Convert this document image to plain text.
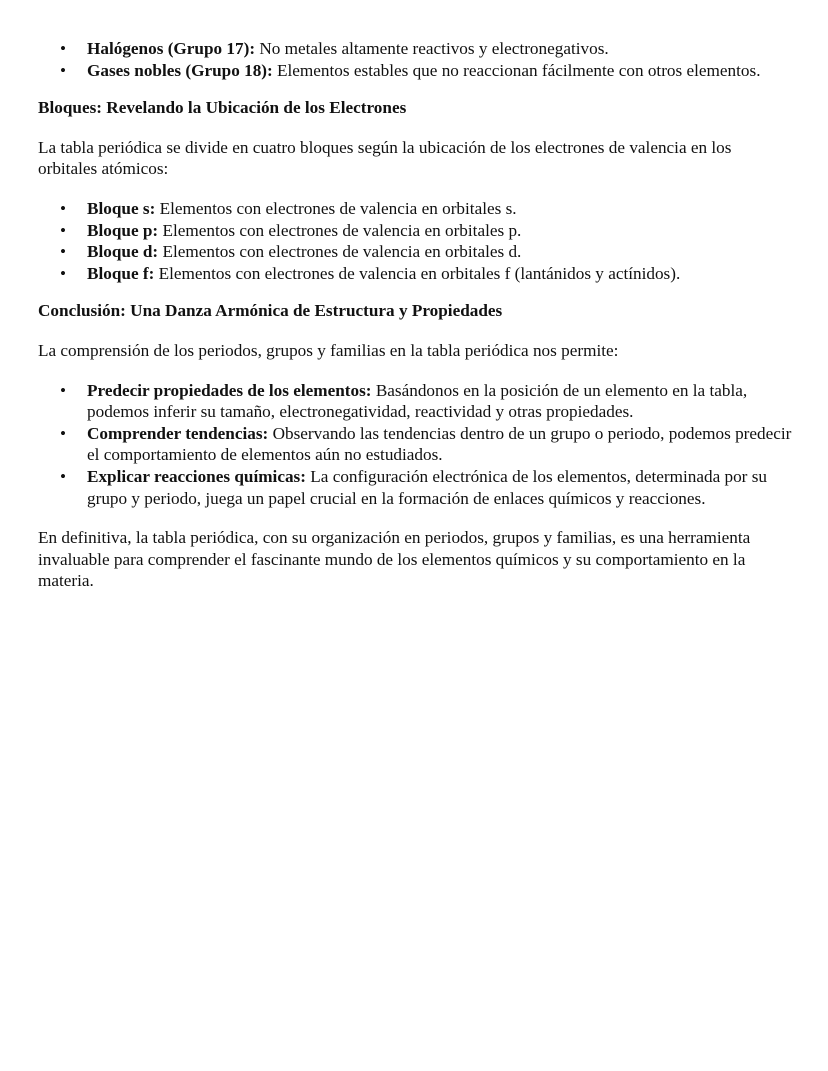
• Halógenos (Grupo 17): No metales altamente reactivos y electronegativos.
• Gases nobles (Grupo 18): Elementos estables que no reaccionan fácilmente con otros elementos.
Bloques: Revelando la Ubicación de los Electrones

La tabla periódica se divide en cuatro bloques según la ubicación de los electrones de valencia en los orbitales atómicos:

• Bloque s: Elementos con electrones de valencia en orbitales s.
• Bloque p: Elementos con electrones de valencia en orbitales p.
• Bloque d: Elementos con electrones de valencia en orbitales d.
• Bloque f: Elementos con electrones de valencia en orbitales f (lantánidos y actínidos).
Conclusión: Una Danza Armónica de Estructura y Propiedades

La comprensión de los periodos, grupos y familias en la tabla periódica nos permite:

• Predecir propiedades de los elementos: Basándonos en la posición de un elemento en la tabla, podemos inferir su tamaño, electronegatividad, reactividad y otras propiedades.
• Comprender tendencias: Observando las tendencias dentro de un grupo o periodo, podemos predecir el comportamiento de elementos aún no estudiados.
• Explicar reacciones químicas: La configuración electrónica de los elementos, determinada por su grupo y periodo, juega un papel crucial en la formación de enlaces químicos y reacciones.

En definitiva, la tabla periódica, con su organización en periodos, grupos y familias, es una herramienta invaluable para comprender el fascinante mundo de los elementos químicos y su comportamiento en la materia.
